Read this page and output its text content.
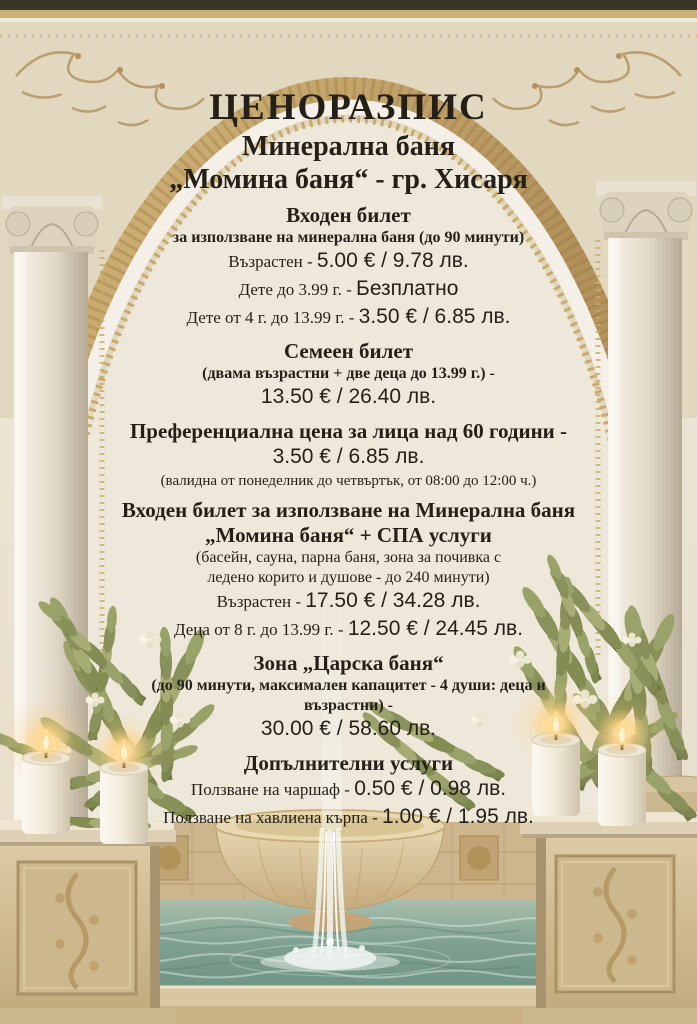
ЦЕНОРАЗПИС
Минерална баня
„Момина баня“ - гр. Хисаря
Входен билет
за използване на минерална баня (до 90 минути)
Възрастен - 5.00 € / 9.78 лв.
Дете до 3.99 г. - Безплатно
Дете от 4 г. до 13.99 г. - 3.50 € / 6.85 лв.
Семеен билет
(двама възрастни + две деца до 13.99 г.) -
13.50 € / 26.40 лв.
Преференциална цена за лица над 60 години -
3.50 € / 6.85 лв.
(валидна от понеделник до четвъртък, от 08:00 до 12:00 ч.)
Входен билет за използване на Минерална баня
„Момина баня“ + СПА услуги
(басейн, сауна, парна баня, зона за почивка с
ледено корито и душове - до 240 минути)
Възрастен - 17.50 € / 34.28 лв.
Деца от 8 г. до 13.99 г. - 12.50 € / 24.45 лв.
Зона „Царска баня“
(до 90 минути, максимален капацитет - 4 души: деца и
възрастни) -
30.00 € / 58.60 лв.
Допълнителни услуги
Ползване на чаршаф - 0.50 € / 0.98 лв.
Ползване на хавлиена кърпа - 1.00 € / 1.95 лв.
